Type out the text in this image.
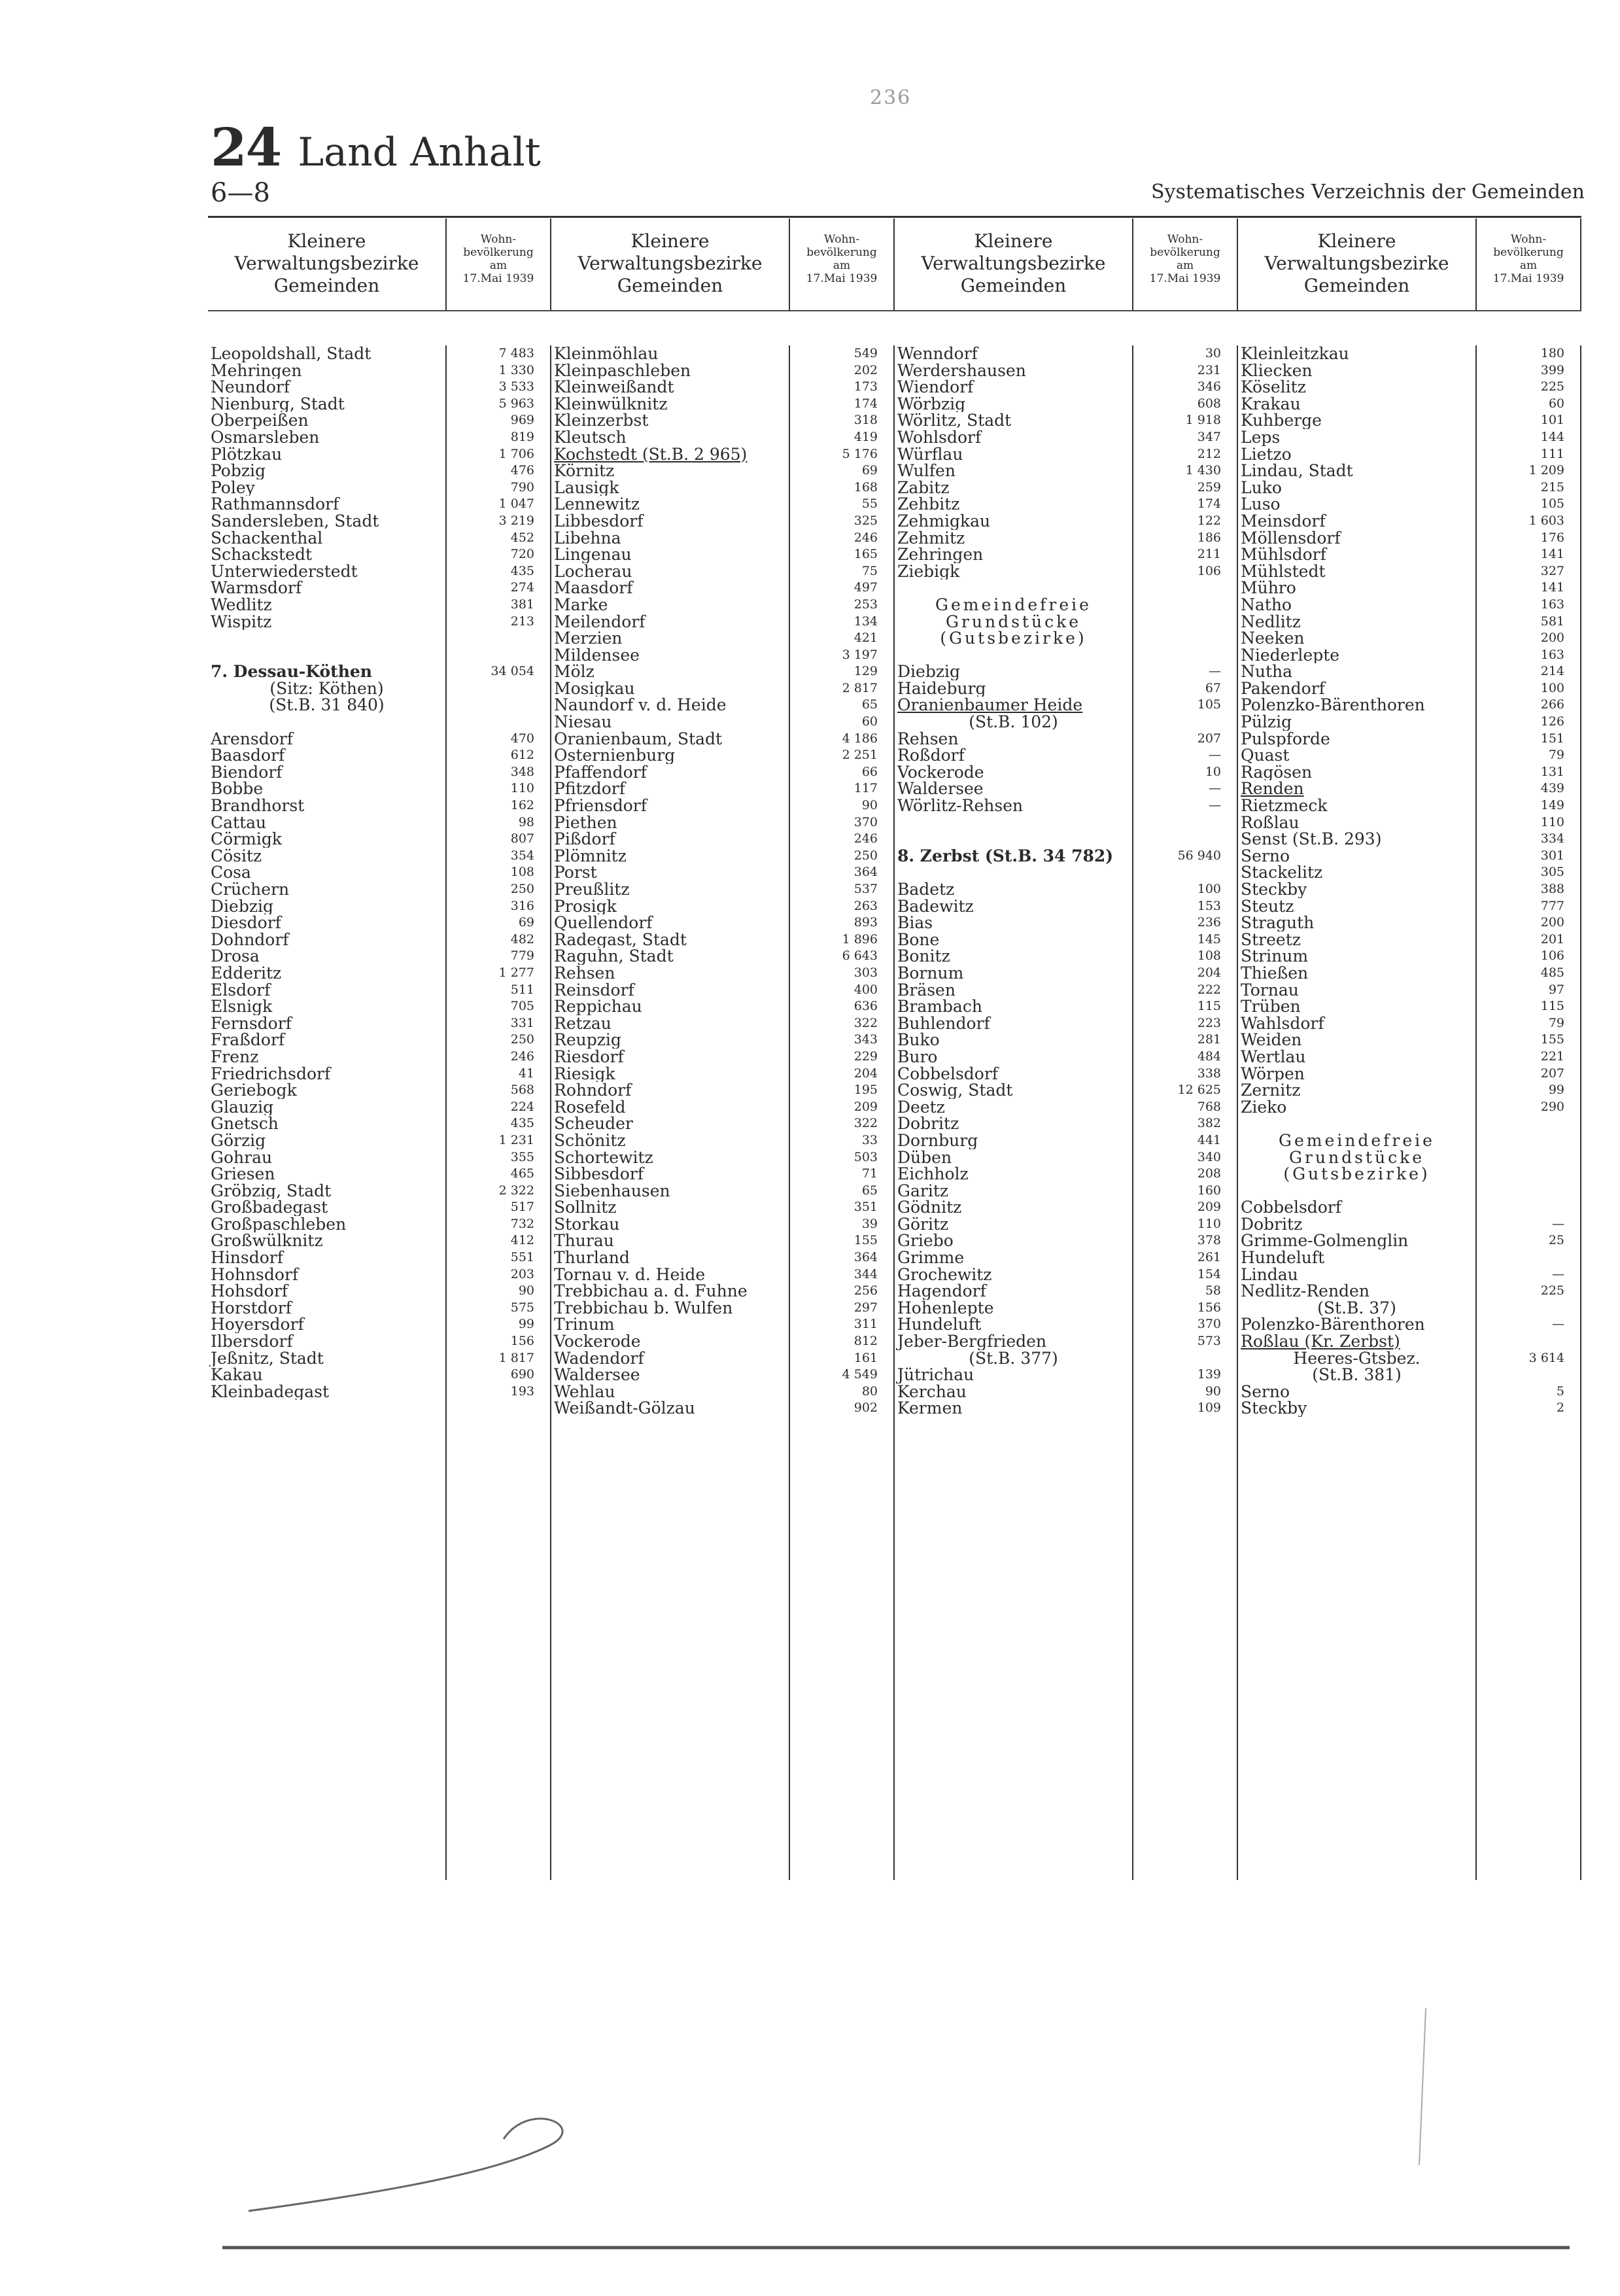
236
24 Land Anhalt
6—8	Systematisches Verzeichnis der Gemeinden
Kleinere
Verwaltungsbezirke
Gemeinden
Wohn-
bevölkerung
am
17.Mai 1939
Leopoldshall, Stadt
Mehringen
Neundorf
Nienburg, Stadt
Oberpeißen
Osmarsleben
Plötzkau
Pobzig
Poley
Rathmannsdorf
Sandersleben, Stadt
Schackenthal
Schackstedt
Unterwiederstedt
Warmsdorf
Wedlitz
Wispitz
7. Dessau-Köthen
(Sitz: Köthen)
(St.B. 31 840)
Arensdorf
Baasdorf
Biendorf
Bobbe
Brandhorst
Cattau
Cörmigk
Cösitz
Cosa
Crüchern
Diebzig
Diesdorf
Dohndorf
Drosa
Edderitz
Elsdorf
Elsnigk
Fernsdorf
Fraßdorf
Frenz
Friedrichsdorf
Geriebogk
Glauzig
Gnetsch
Görzig
Gohrau
Griesen
Gröbzig, Stadt
Großbadegast
Großpaschleben
Großwülknitz
Hinsdorf
Hohnsdorf
Hohsdorf
Horstdorf
Hoyersdorf
Ilbersdorf
Jeßnitz, Stadt
Kakau
Kleinbadegast
7 483
1 330
3 533
5 963
969
819
1 706
476
790
1 047
3 219
452
720
435
274
381
213
34 054
470
612
348
110
162
98
807
354
108
250
316
69
482
779
1 277
511
705
331
250
246
41
568
224
435
1 231
355
465
2 322
517
732
412
551
203
90
575
99
156
1 817
690
193
Kleinere
Verwaltungsbezirke
Gemeinden
Wohn-
bevölkerung
am
17.Mai 1939
Kleinmöhlau
Kleinpaschleben
Kleinweißandt
Kleinwülknitz
Kleinzerbst
Kleutsch
Kochstedt (St.B. 2 965)
Körnitz
Lausigk
Lennewitz
Libbesdorf
Libehna
Lingenau
Locherau
Maasdorf
Marke
Meilendorf
Merzien
Mildensee
Mölz
Mosigkau
Naundorf v. d. Heide
Niesau
Oranienbaum, Stadt
Osternienburg
Pfaffendorf
Pfitzdorf
Pfriensdorf
Piethen
Pißdorf
Plömnitz
Porst
Preußlitz
Prosigk
Quellendorf
Radegast, Stadt
Raguhn, Stadt
Rehsen
Reinsdorf
Reppichau
Retzau
Reupzig
Riesdorf
Riesigk
Rohndorf
Rosefeld
Scheuder
Schönitz
Schortewitz
Sibbesdorf
Siebenhausen
Sollnitz
Storkau
Thurau
Thurland
Tornau v. d. Heide
Trebbichau a. d. Fuhne
Trebbichau b. Wulfen
Trinum
Vockerode
Wadendorf
Waldersee
Wehlau
Weißandt-Gölzau
549
202
173
174
318
419
5 176
69
168
55
325
246
165
75
497
253
134
421
3 197
129
2 817
65
60
4 186
2 251
66
117
90
370
246
250
364
537
263
893
1 896
6 643
303
400
636
322
343
229
204
195
209
322
33
503
71
65
351
39
155
364
344
256
297
311
812
161
4 549
80
902
Kleinere
Verwaltungsbezirke
Gemeinden
Wohn-
bevölkerung
am
17.Mai 1939
Wenndorf
Werdershausen
Wiendorf
Wörbzig
Wörlitz, Stadt
Wohlsdorf
Würflau
Wulfen
Zabitz
Zehbitz
Zehmigkau
Zehmitz
Zehringen
Ziebigk
Gemeindefreie
Grundstücke
(Gutsbezirke)
Diebzig
Haideburg
Oranienbaumer Heide
(St.B. 102)
Rehsen
Roßdorf
Vockerode
Waldersee
Wörlitz-Rehsen
8. Zerbst (St.B. 34 782)
Badetz
Badewitz
Bias
Bone
Bonitz
Bornum
Bräsen
Brambach
Buhlendorf
Buko
Buro
Cobbelsdorf
Coswig, Stadt
Deetz
Dobritz
Dornburg
Düben
Eichholz
Garitz
Gödnitz
Göritz
Griebo
Grimme
Grochewitz
Hagendorf
Hohenlepte
Hundeluft
Jeber-Bergfrieden
(St.B. 377)
Jütrichau
Kerchau
Kermen
30
231
346
608
1 918
347
212
1 430
259
174
122
186
211
106
—
67
105
207
—
10
—
—
56 940
100
153
236
145
108
204
222
115
223
281
484
338
12 625
768
382
441
340
208
160
209
110
378
261
154
58
156
370
573
139
90
109
Kleinere
Verwaltungsbezirke
Gemeinden
Wohn-
bevölkerung
am
17.Mai 1939
Kleinleitzkau
Kliecken
Köselitz
Krakau
Kuhberge
Leps
Lietzo
Lindau, Stadt
Luko
Luso
Meinsdorf
Möllensdorf
Mühlsdorf
Mühlstedt
Mühro
Natho
Nedlitz
Neeken
Niederlepte
Nutha
Pakendorf
Polenzko-Bärenthoren
Pülzig
Pulspforde
Quast
Ragösen
Renden
Rietzmeck
Roßlau
Senst (St.B. 293)
Serno
Stackelitz
Steckby
Steutz
Straguth
Streetz
Strinum
Thießen
Tornau
Trüben
Wahlsdorf
Weiden
Wertlau
Wörpen
Zernitz
Zieko
Gemeindefreie
Grundstücke
(Gutsbezirke)
Cobbelsdorf
Dobritz
Grimme-Golmenglin
Hundeluft
Lindau
Nedlitz-Renden
(St.B. 37)
Polenzko-Bärenthoren
Roßlau (Kr. Zerbst)
Heeres-Gtsbez.
(St.B. 381)
Serno
Steckby
180
399
225
60
101
144
111
1 209
215
105
1 603
176
141
327
141
163
581
200
163
214
100
266
126
151
79
131
439
149
110
334
301
305
388
777
200
201
106
485
97
115
79
155
221
207
99
290
—
25
—
225
—
3 614
5
2
